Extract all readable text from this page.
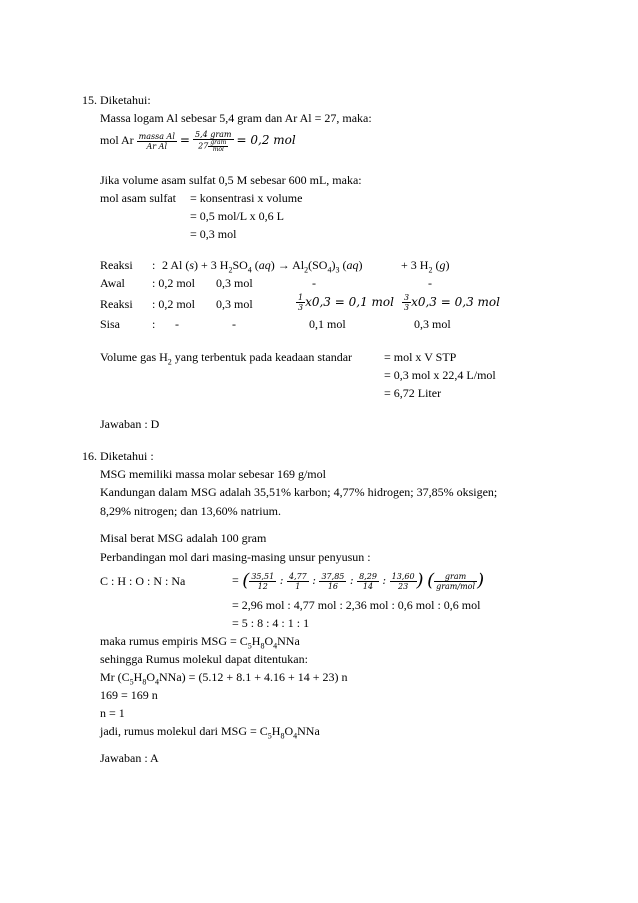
15. Diketahui:
Massa logam Al sebesar 5,4 gram dan Ar Al = 27, maka:
mol Ar $\frac{\text{massa Al}}{\text{Ar Al}} = \frac{\text{5,4 gram}}{27 \frac{\text{gram}}{\text{mol}}} = 0,2$ mol
Jika volume asam sulfat 0,5 M sebesar 600 mL, maka:
mol asam sulfat = konsentrasi x volume
= 0,5 mol/L x 0,6 L
= 0,3 mol
Reaksi : 2 Al (s) + 3 $H_2SO_4$ $(aq) \to Al_2(SO_4)_3$ (aq)	+ 3 $H_2$ (g)
Awal : 0,2 mol 0,3 mol	-	-
Reaksi : 0,2 mol 0,3 mol	$\frac{1}{3} x0,3 = 0,1$ mol $\frac{3}{3} x0,3 = 0,3$ mol
Sisa	: -	-	0,1 mol	0,3 mol
Volume gas $H_2$ yang terbentuk pada keadaan standar	= mol x V STP
= 0,3 mol x 22,4 L/mol
= 6,72 Liter
Jawaban : D
16. Diketahui :
MSG memiliki massa molar sebesar 169 g/mol
Kandungan dalam MSG adalah 35,51% karbon; 4,77% hidrogen; 37,85% oksigen;
8,29% nitrogen; dan 13,60% natrium.
Misal berat MSG adalah 100 gram
Perbandingan mol dari masing-masing unsur penyusun :
C : H : O : N : Na	= ( $\frac{35,51}{12}$ : $\frac{4,77}{1}$ : $\frac{37,85}{16}$ : $\frac{8,29}{14}$ : $\frac{13,60}{23}$ ) ( $\frac{\text{gram}}{\text{gram/mol}}$ )
= 2,96 mol : 4,77 mol : 2,36 mol : 0,6 mol : 0,6 mol
= 5 : 8 : 4 : 1 : 1
maka rumus empiris MSG = $C_5H_8O_4NNa$
sehingga Rumus molekul dapat ditentukan:
Mr $(C_5H_8O_4NNa) = (5.12 + 8.1 + 4.16 + 14 + 23)$ n
169 = 169 n
n = 1
jadi, rumus molekul dari MSG = $C_5H_8O_4NNa$
Jawaban : A
